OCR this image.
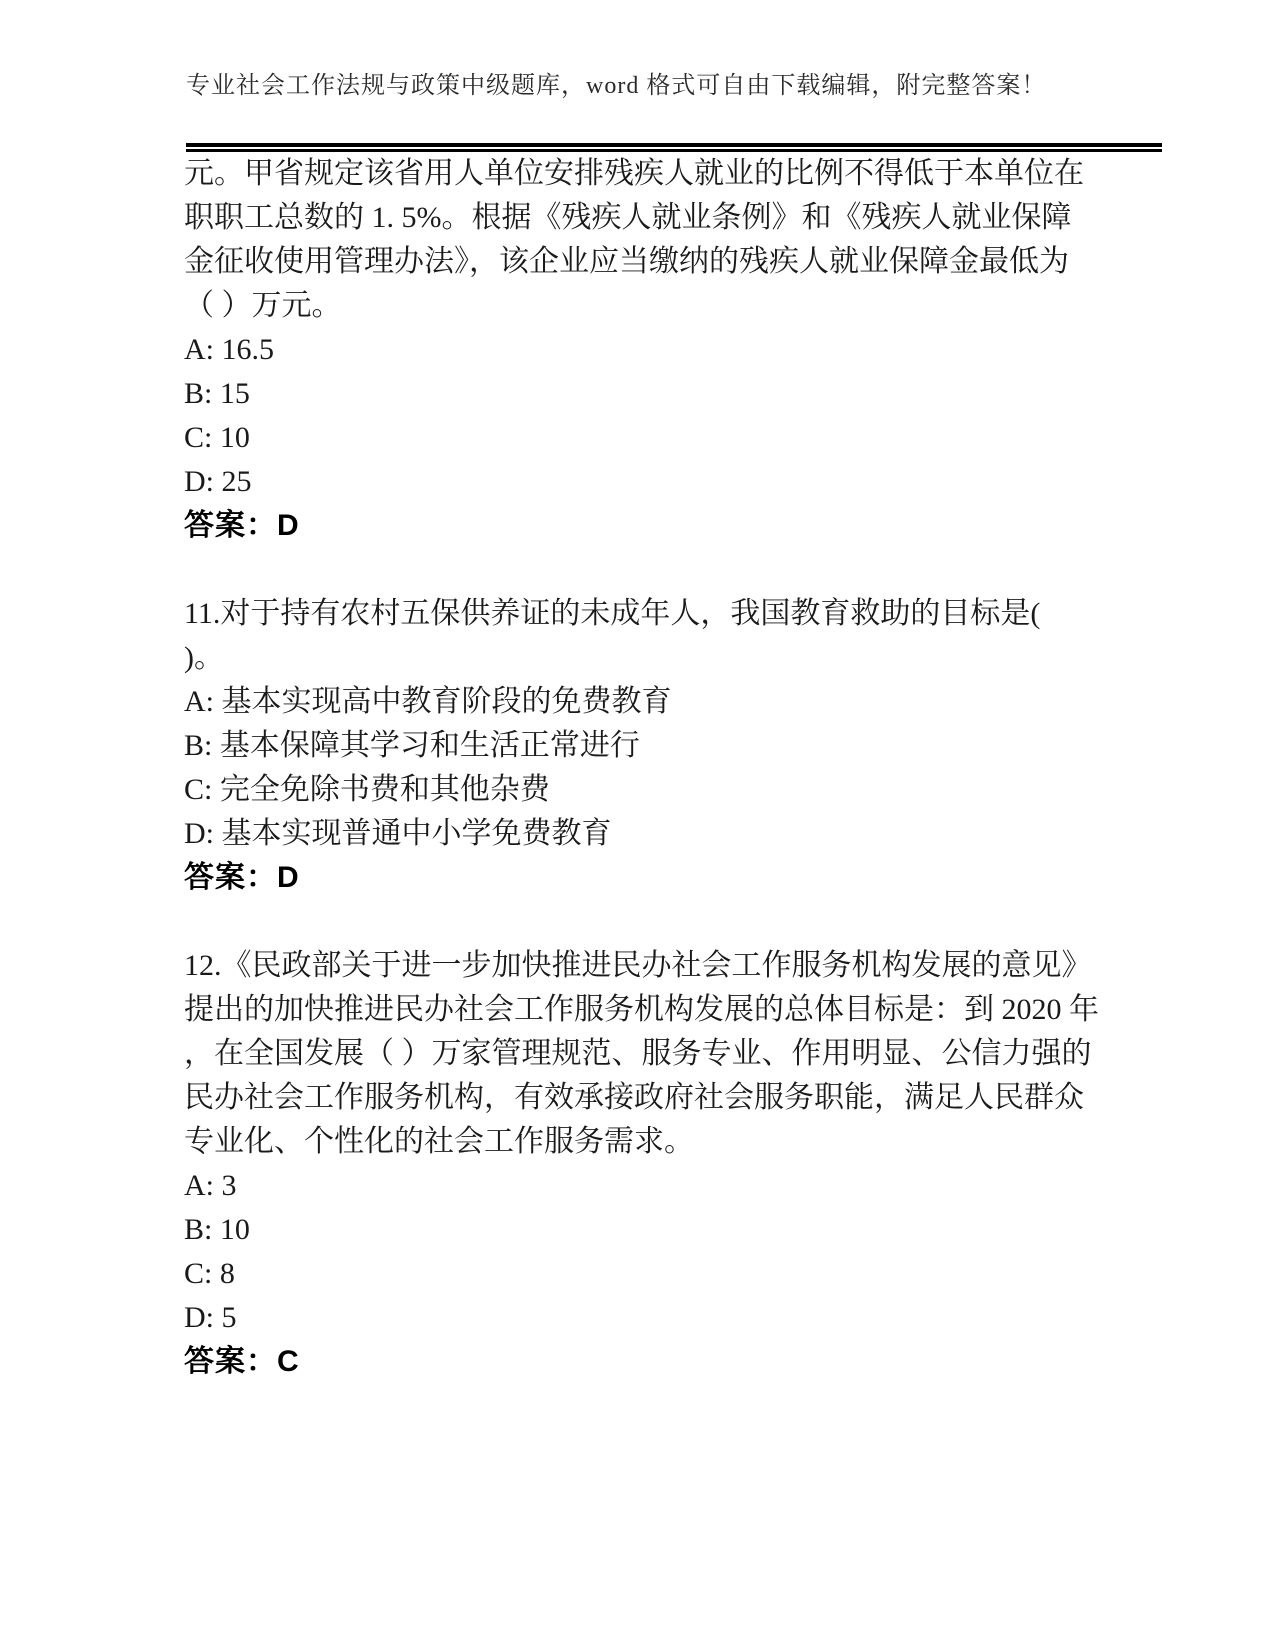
专业社会工作法规与政策中级题库，word 格式可自由下载编辑，附完整答案！

元。甲省规定该省用人单位安排残疾人就业的比例不得低于本单位在

职职工总数的 1. 5%。根据《残疾人就业条例》和《残疾人就业保障

金征收使用管理办法》，该企业应当缴纳的残疾人就业保障金最低为

（ ）万元。

A: 16.5

B: 15

C: 10

D: 25

答案：D

11.对于持有农村五保供养证的未成年人，我国教育救助的目标是(

)。

A: 基本实现高中教育阶段的免费教育

B: 基本保障其学习和生活正常进行

C: 完全免除书费和其他杂费

D: 基本实现普通中小学免费教育

答案：D

12.《民政部关于进一步加快推进民办社会工作服务机构发展的意见》

提出的加快推进民办社会工作服务机构发展的总体目标是：到 2020 年

，在全国发展（ ）万家管理规范、服务专业、作用明显、公信力强的

民办社会工作服务机构，有效承接政府社会服务职能，满足人民群众

专业化、个性化的社会工作服务需求。

A: 3

B: 10

C: 8

D: 5

答案：C
